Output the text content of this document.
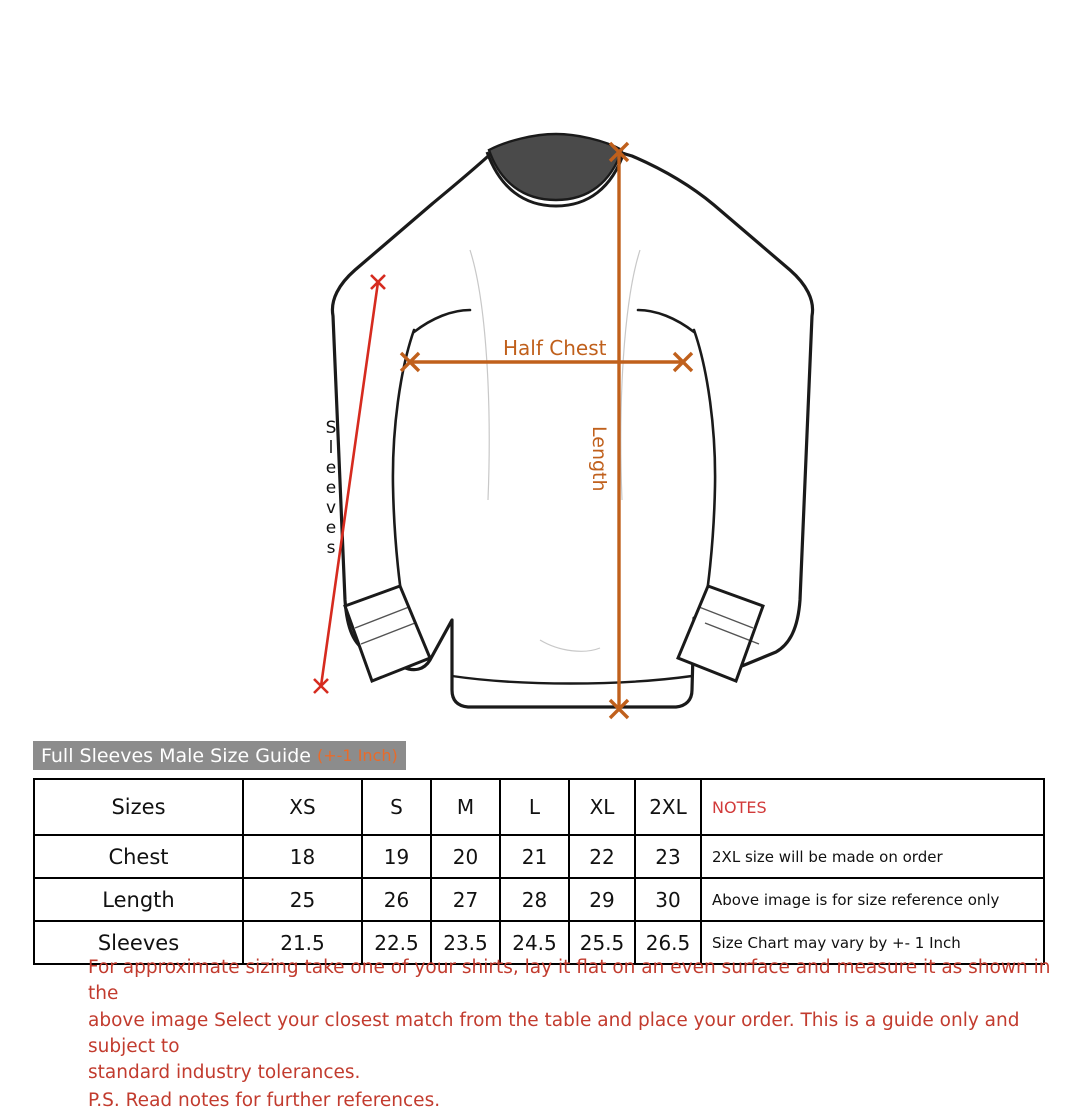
Half Chest
Length
S
l
e
e
v
e
s
Full Sleeves Male Size Guide (+-1 Inch)
Sizes	XS	S	M	L	XL	2XL	NOTES
Chest	18	19	20	21	22	23	2XL size will be made on order
Length	25	26	27	28	29	30	Above image is for size reference only
Sleeves	21.5	22.5	23.5	24.5	25.5	26.5	Size Chart may vary by +- 1 Inch

For approximate sizing take one of your shirts, lay it flat on an even surface and measure it as shown in the

above image Select your closest match from the table and place your order. This is a guide only and subject to

standard industry tolerances.

P.S. Read notes for further references.
